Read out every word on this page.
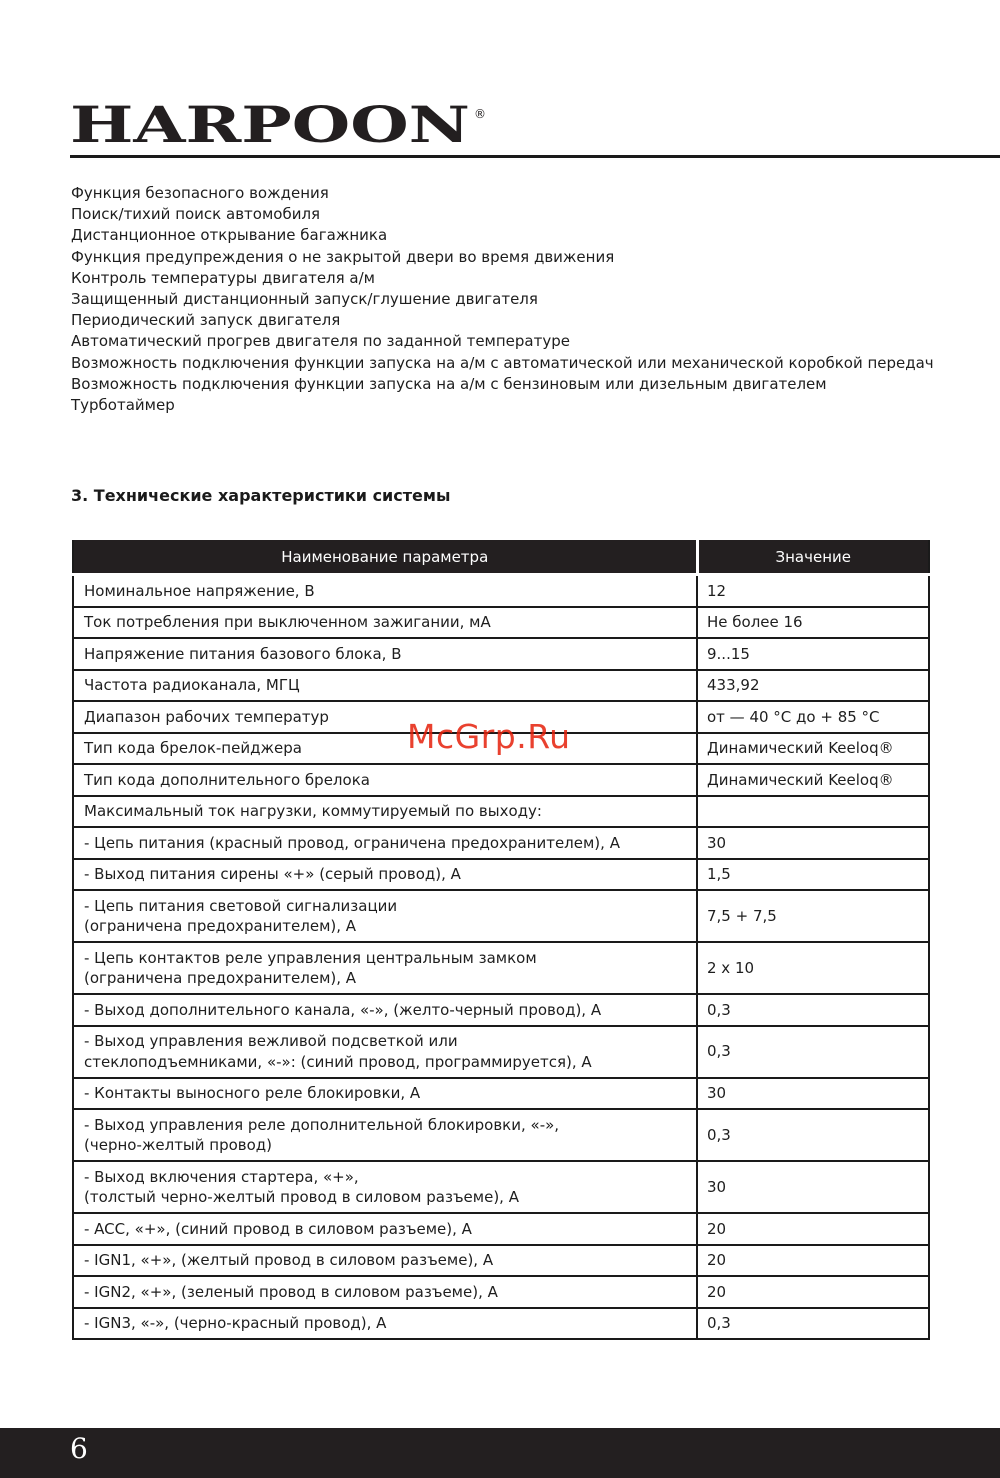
HARPOON ®
Функция безопасного вождения
Поиск/тихий поиск автомобиля
Дистанционное открывание багажника
Функция предупреждения о не закрытой двери во время движения
Контроль температуры двигателя а/м
Защищенный дистанционный запуск/глушение двигателя
Периодический запуск двигателя
Автоматический прогрев двигателя по заданной температуре
Возможность подключения функции запуска на а/м с автоматической или механической коробкой передач
Возможность подключения функции запуска на а/м с бензиновым или дизельным двигателем
Турботаймер
3. Технические характеристики системы
Наименование параметра	Значение
Номинальное напряжение, В	12
Ток потребления при выключенном зажигании, мА	Не более 16
Напряжение питания базового блока, В	9...15
Частота радиоканала, МГЦ	433,92
Диапазон рабочих температур	от — 40 °C до + 85 °C
Тип кода брелок-пейджера	Динамический Keeloq®
Тип кода дополнительного брелока	Динамический Keeloq®
Максимальный ток нагрузки, коммутируемый по выходу:	
- Цепь питания (красный провод, ограничена предохранителем), А	30
- Выход питания сирены «+» (серый провод), А	1,5
- Цепь питания световой сигнализации
(ограничена предохранителем), А	7,5 + 7,5
- Цепь контактов реле управления центральным замком
(ограничена предохранителем), А	2 x 10
- Выход дополнительного канала, «-», (желто-черный провод), А	0,3
- Выход управления вежливой подсветкой или
стеклоподъемниками, «-»: (синий провод, программируется), А	0,3
- Контакты выносного реле блокировки, А	30
- Выход управления реле дополнительной блокировки, «-»,
(черно-желтый провод)	0,3
- Выход включения стартера, «+»,
(толстый черно-желтый провод в силовом разъеме), А	30
- ACC, «+», (синий провод в силовом разъеме), А	20
- IGN1, «+», (желтый провод в силовом разъеме), А	20
- IGN2, «+», (зеленый провод в силовом разъеме), А	20
- IGN3, «-», (черно-красный провод), А	0,3
McGrp.Ru
6
